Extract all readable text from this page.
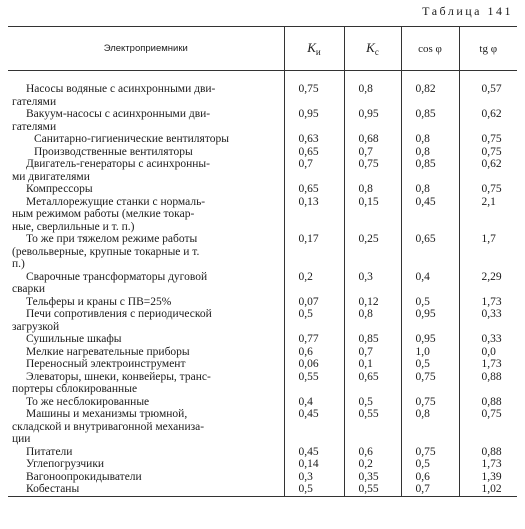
Таблица 141
Электроприемники	$К_и$	$К_с$	cos φ	tg φ

Насосы водяные с асинхронными дви-
гателями	0,75	0,8	0,82	0,57

Вакуум-насосы с асинхронными дви-
гателями	0,95	0,95	0,85	0,62

Санитарно-гигиенические вентиляторы	0,63	0,68	0,8	0,75

Производственные вентиляторы	0,65	0,7	0,8	0,75

Двигатель-генераторы с асинхронны-
ми двигателями	0,7	0,75	0,85	0,62

Компрессоры	0,65	0,8	0,8	0,75

Металлорежущие станки с нормаль-
ным режимом работы (мелкие токар-
ные, сверлильные и т. п.)	0,13	0,15	0,45	2,1

То же при тяжелом режиме работы
(револьверные, крупные токарные и т.
п.)	0,17	0,25	0,65	1,7

Сварочные трансформаторы дуговой
сварки	0,2	0,3	0,4	2,29

Тельферы и краны с ПВ=25%	0,07	0,12	0,5	1,73

Печи сопротивления с периодической
загрузкой	0,5	0,8	0,95	0,33

Сушильные шкафы	0,77	0,85	0,95	0,33

Мелкие нагревательные приборы	0,6	0,7	1,0	0,0

Переносный электроинструмент	0,06	0,1	0,5	1,73

Элеваторы, шнеки, конвейеры, транс-
портеры сблокированные	0,55	0,65	0,75	0,88

То же несблокированные	0,4	0,5	0,75	0,88

Машины и механизмы трюмной,
складской и внутривагонной механиза-
ции	0,45	0,55	0,8	0,75

Питатели	0,45	0,6	0,75	0,88

Углепогрузчики	0,14	0,2	0,5	1,73

Вагоноопрокидыватели	0,3	0,35	0,6	1,39

Кобестаны	0,5	0,55	0,7	1,02
